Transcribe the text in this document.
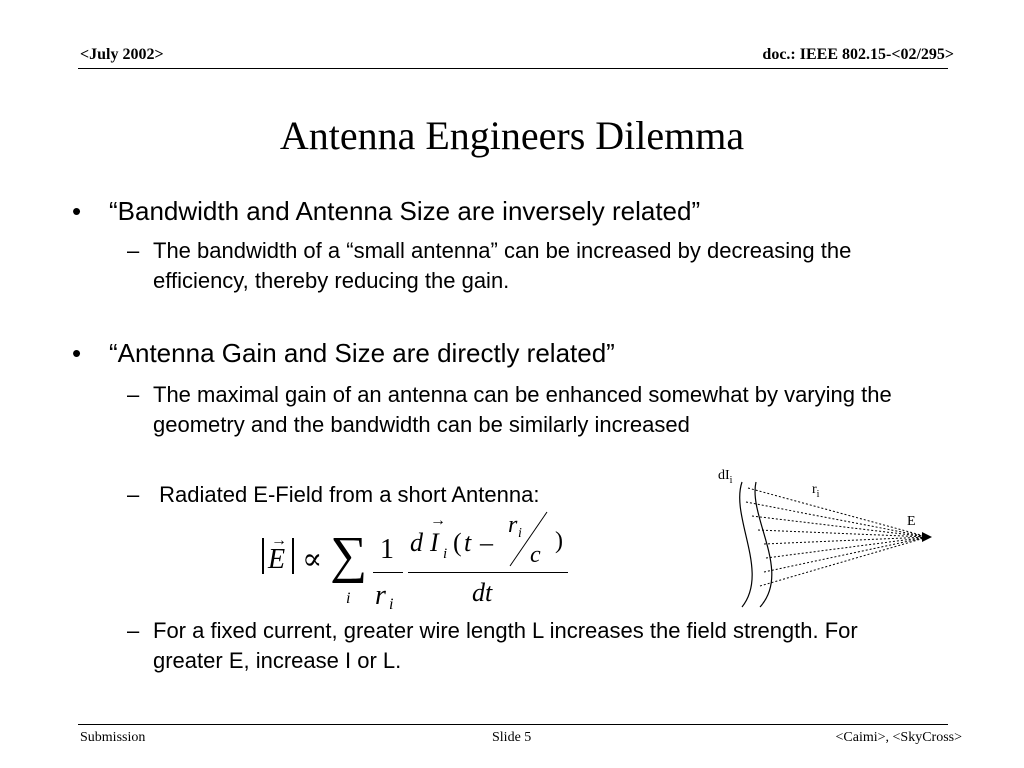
<July 2002>	doc.: IEEE 802.15-<02/295>
Antenna Engineers Dilemma
• “Bandwidth and Antenna Size are inversely related”
– The bandwidth of a “small antenna” can be increased by decreasing the efficiency, thereby reducing the gain.
• “Antenna Gain and Size are directly related”
– The maximal gain of an antenna can be enhanced somewhat by varying the geometry and the bandwidth can be similarly increased
– Radiated E-Field from a short Antenna:
– For a fixed current, greater wire length L increases the field strength. For greater E, increase I or L.
E
→
∝ ∑
i
1
r i
d I
→
i ( t –
r i
c
)
dt
$dI_i$
$r_i$
E
Submission	Slide 5	<Caimi>, <SkyCross>
